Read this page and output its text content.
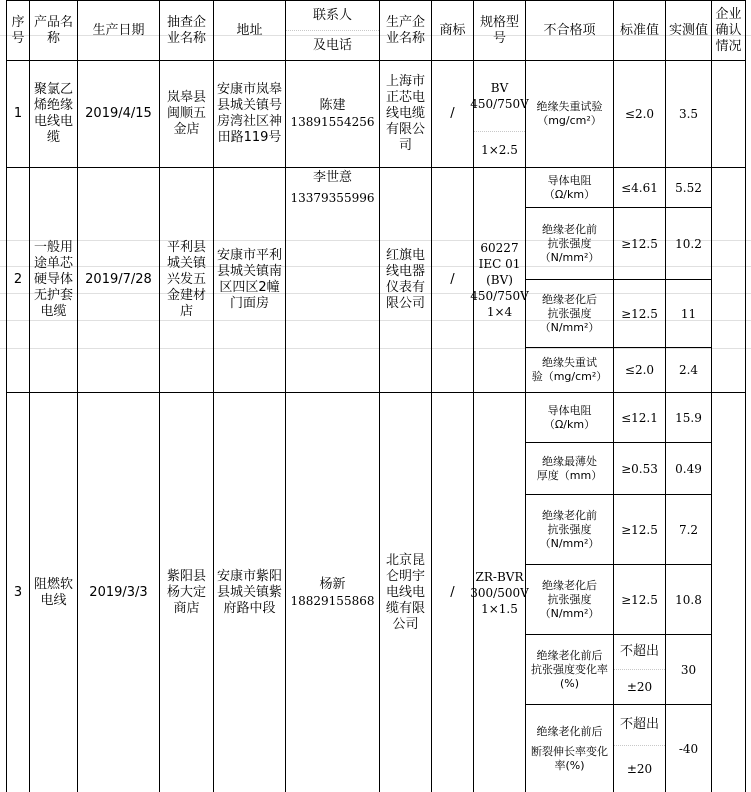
序号
产品名称
生产日期
抽查企业名称
地址
联系人
及电话
生产企业名称
商标
规格型号
不合格项 标准值 实测值
企业确认情况
1
聚氯乙烯绝缘电线电缆
2019/4/15
岚皋县闽顺五金店
安康市岚皋县城关镇号房湾社区神田路119号
陈建
13891554256
上海市正芯电线电缆有限公司
/
BV 450/750V
1×2.5
绝缘失重试验（mg/cm²）	≤2.0 3.5
2
一般用途单芯硬导体无护套电缆
2019/7/28
平利县城关镇兴发五金建材店
安康市平利县城关镇南区四区2幢门面房
李世意
13379355996
红旗电线电器仪表有限公司
/
60227 IEC 01 (BV) 450/750V 1×4
导体电阻
（Ω/km） ≤4.61 5.52
绝缘老化前
抗张强度（N/mm²）
≥12.5 10.2
绝缘老化后
抗张强度（N/mm²）
≥12.5 11
绝缘失重试
验（mg/cm²） ≤2.0 2.4
3
阻燃软电线
2019/3/3
紫阳县杨大定商店
安康市紫阳县城关镇紫府路中段
杨新
18829155868
北京昆仑明宇电线电缆有限公司
/
ZR-BVR 300/500V 1×1.5
导体电阻
（Ω/km） ≤12.1 15.9
绝缘最薄处
厚度（mm） ≥0.53 0.49
绝缘老化前
抗张强度（N/mm²）
≥12.5 7.2
绝缘老化后
抗张强度（N/mm²）
≥12.5 10.8
绝缘老化前后
抗张强度变化率(%)
不超出
±20
30
绝缘老化前后
断裂伸长率变化率(%)
不超出
±20
-40
